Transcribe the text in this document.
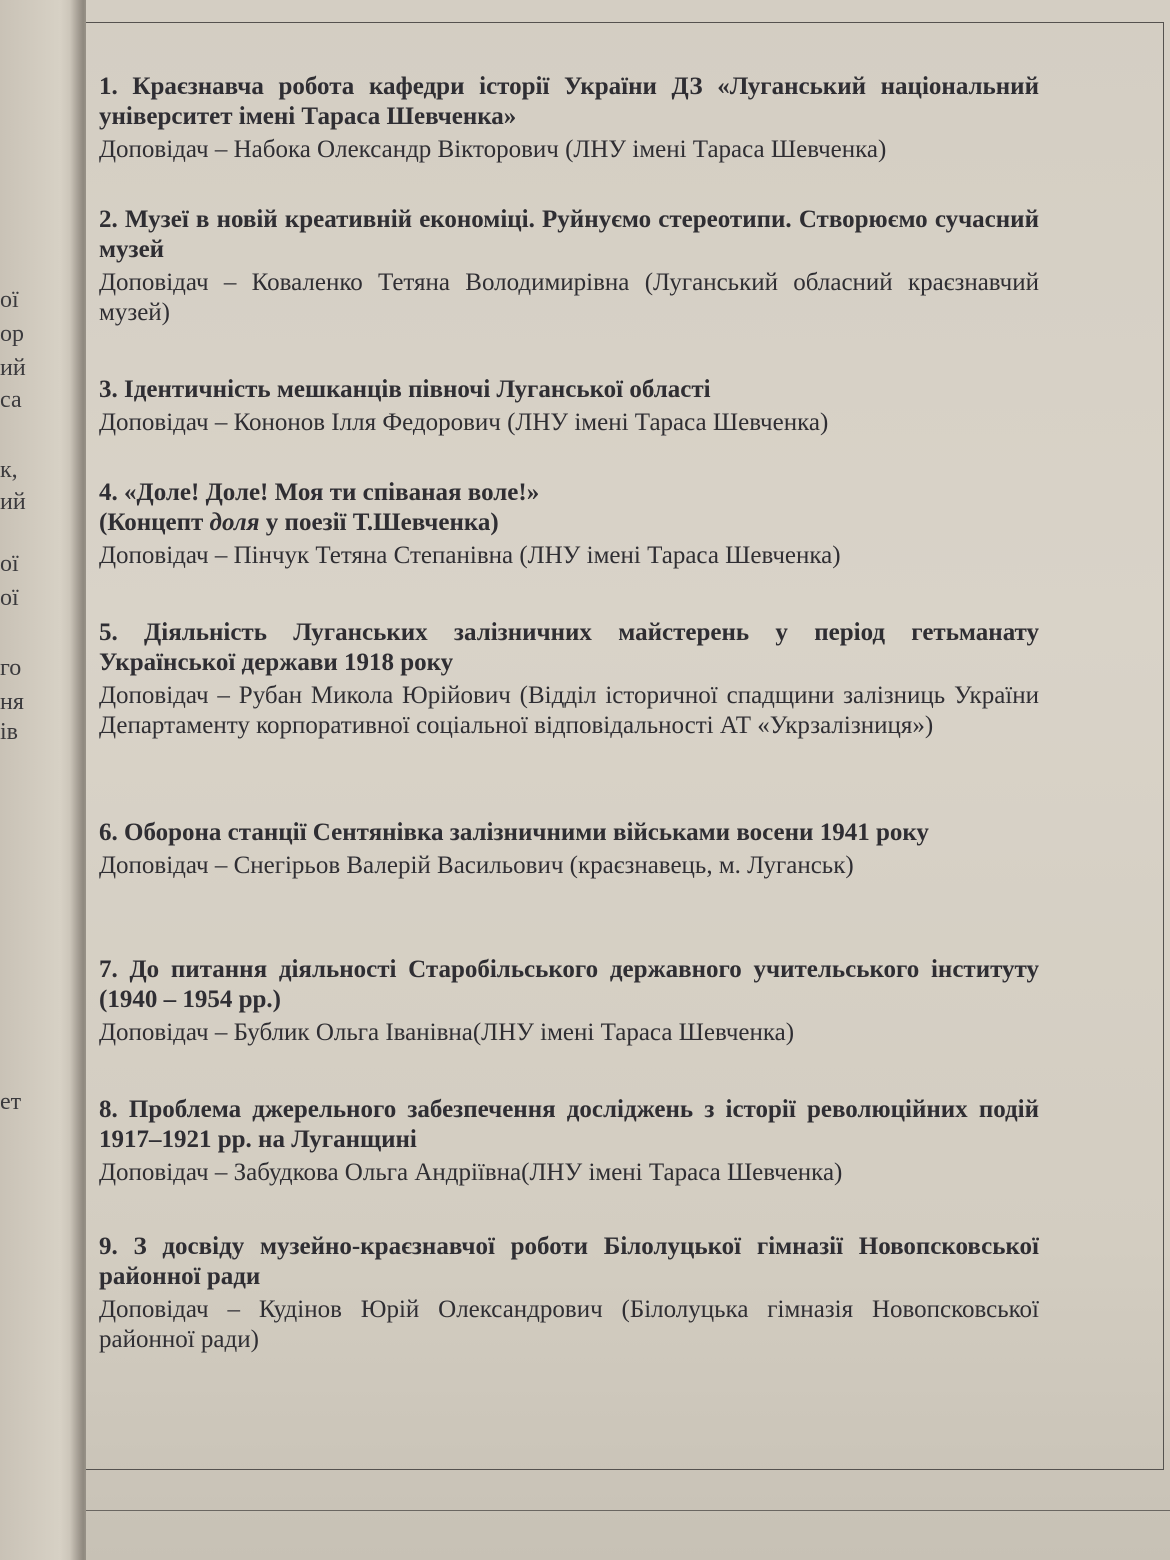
ої
ор
ий
са
к,
ий
ої
ої
го
ня
ів
ет

1. Краєзнавча робота кафедри історії України ДЗ «Луганський національний університет імені Тараса Шевченка»

Доповідач – Набока Олександр Вікторович (ЛНУ імені Тараса Шевченка)

2. Музеї в новій креативній економіці. Руйнуємо стереотипи. Створюємо сучасний музей

Доповідач – Коваленко Тетяна Володимирівна (Луганський обласний краєзнавчий музей)

3. Ідентичність мешканців півночі Луганської області

Доповідач – Кононов Ілля Федорович (ЛНУ імені Тараса Шевченка)

4. «Доле! Доле! Моя ти співаная воле!»
(Концепт доля у поезії Т.Шевченка)

Доповідач – Пінчук Тетяна Степанівна (ЛНУ імені Тараса Шевченка)

5. Діяльність Луганських залізничних майстерень у період гетьманату Української держави 1918 року

Доповідач – Рубан Микола Юрійович (Відділ історичної спадщини залізниць України Департаменту корпоративної соціальної відповідальності АТ «Укрзалізниця»)

6. Оборона станції Сентянівка залізничними військами восени 1941 року

Доповідач – Снегірьов Валерій Васильович (краєзнавець, м. Луганськ)

7. До питання діяльності Старобільського державного учительського інституту (1940 – 1954 рр.)

Доповідач – Бублик Ольга Іванівна(ЛНУ імені Тараса Шевченка)

8. Проблема джерельного забезпечення досліджень з історії революційних подій 1917–1921 рр. на Луганщині

Доповідач – Забудкова Ольга Андріївна(ЛНУ імені Тараса Шевченка)

9. З досвіду музейно-краєзнавчої роботи Білолуцької гімназії Новопсковської районної ради

Доповідач – Кудінов Юрій Олександрович (Білолуцька гімназія Новопсковської районної ради)
